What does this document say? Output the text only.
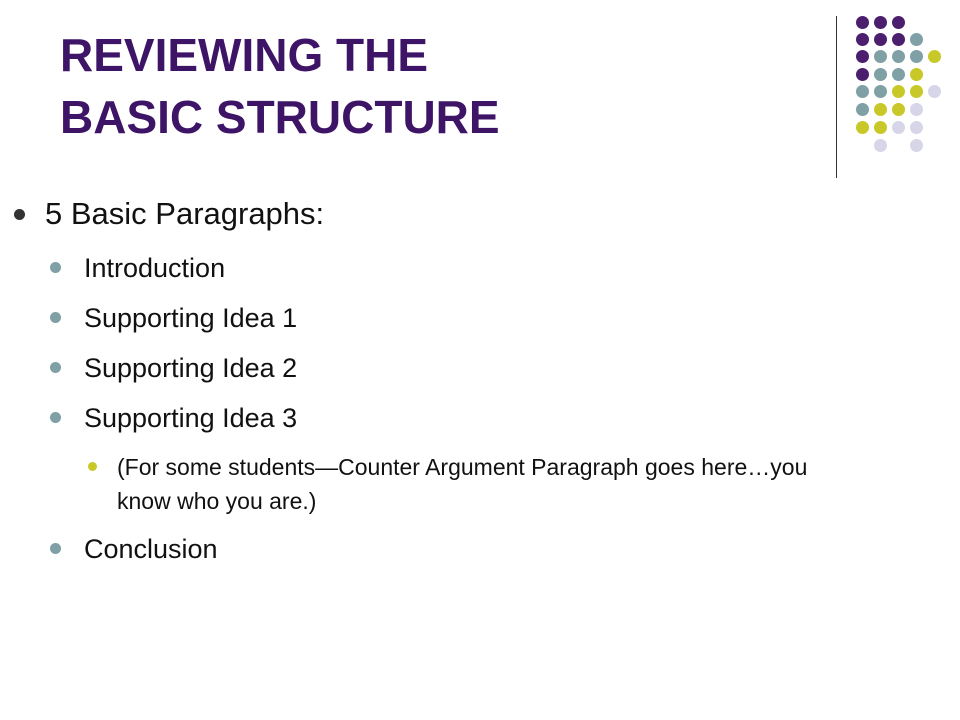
REVIEWING THE
BASIC STRUCTURE
5 Basic Paragraphs:
Introduction
Supporting Idea 1
Supporting Idea 2
Supporting Idea 3
(For some students—Counter Argument Paragraph goes here…you know who you are.)
Conclusion
